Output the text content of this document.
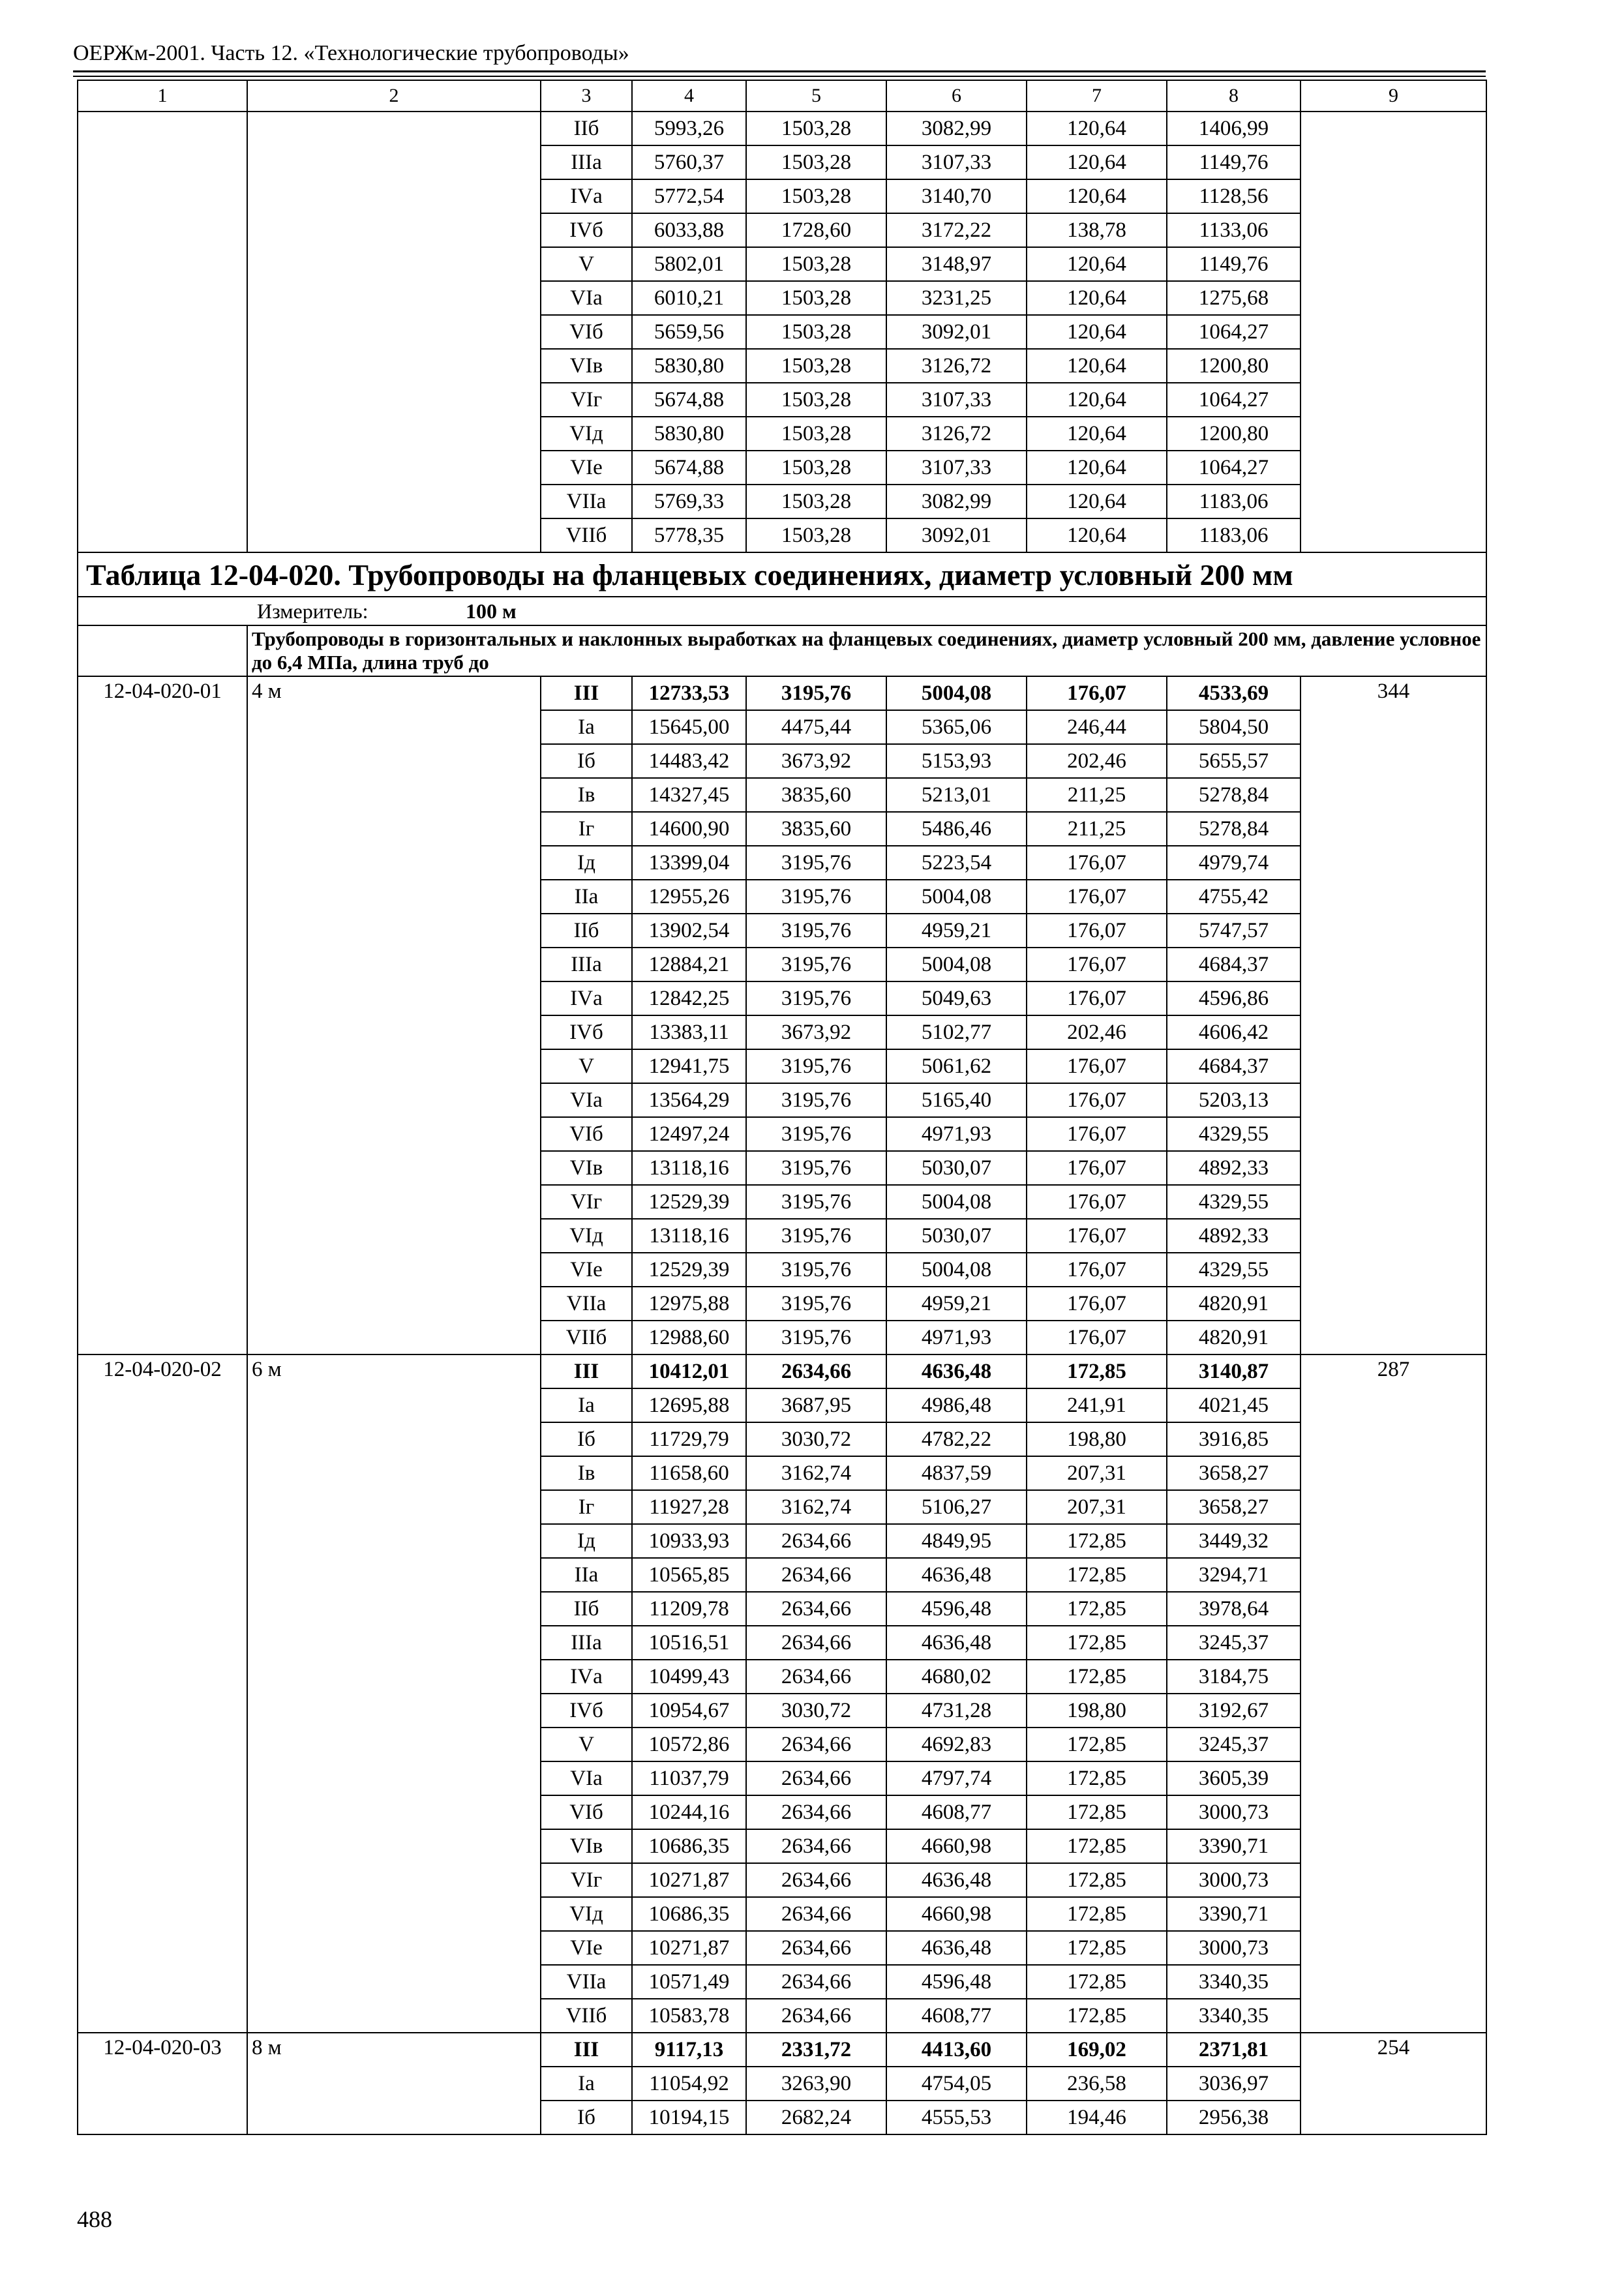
ОЕРЖм-2001. Часть 12. «Технологические трубопроводы»
1	2	3	4	5	6	7	8	9
		IIб	5993,26	1503,28	3082,99	120,64	1406,99	
		IIIа	5760,37	1503,28	3107,33	120,64	1149,76	
		IVа	5772,54	1503,28	3140,70	120,64	1128,56	
		IVб	6033,88	1728,60	3172,22	138,78	1133,06	
		V	5802,01	1503,28	3148,97	120,64	1149,76	
		VIа	6010,21	1503,28	3231,25	120,64	1275,68	
		VIб	5659,56	1503,28	3092,01	120,64	1064,27	
		VIв	5830,80	1503,28	3126,72	120,64	1200,80	
		VIг	5674,88	1503,28	3107,33	120,64	1064,27	
		VIд	5830,80	1503,28	3126,72	120,64	1200,80	
		VIе	5674,88	1503,28	3107,33	120,64	1064,27	
		VIIа	5769,33	1503,28	3082,99	120,64	1183,06	
		VIIб	5778,35	1503,28	3092,01	120,64	1183,06	
Таблица 12-04-020. Трубопроводы на фланцевых соединениях, диаметр условный 200 мм								
Измеритель: 100 м								
	Трубопроводы в горизонтальных и наклонных выработках на фланцевых соединениях, диаметр условный 200 мм, давление условное до 6,4 МПа, длина труб до							
12-04-020-01	4 м	III	12733,53	3195,76	5004,08	176,07	4533,69	344
		Iа	15645,00	4475,44	5365,06	246,44	5804,50	
		Iб	14483,42	3673,92	5153,93	202,46	5655,57	
		Iв	14327,45	3835,60	5213,01	211,25	5278,84	
		Iг	14600,90	3835,60	5486,46	211,25	5278,84	
		Iд	13399,04	3195,76	5223,54	176,07	4979,74	
		IIа	12955,26	3195,76	5004,08	176,07	4755,42	
		IIб	13902,54	3195,76	4959,21	176,07	5747,57	
		IIIа	12884,21	3195,76	5004,08	176,07	4684,37	
		IVа	12842,25	3195,76	5049,63	176,07	4596,86	
		IVб	13383,11	3673,92	5102,77	202,46	4606,42	
		V	12941,75	3195,76	5061,62	176,07	4684,37	
		VIа	13564,29	3195,76	5165,40	176,07	5203,13	
		VIб	12497,24	3195,76	4971,93	176,07	4329,55	
		VIв	13118,16	3195,76	5030,07	176,07	4892,33	
		VIг	12529,39	3195,76	5004,08	176,07	4329,55	
		VIд	13118,16	3195,76	5030,07	176,07	4892,33	
		VIе	12529,39	3195,76	5004,08	176,07	4329,55	
		VIIа	12975,88	3195,76	4959,21	176,07	4820,91	
		VIIб	12988,60	3195,76	4971,93	176,07	4820,91	
12-04-020-02	6 м	III	10412,01	2634,66	4636,48	172,85	3140,87	287
		Iа	12695,88	3687,95	4986,48	241,91	4021,45	
		Iб	11729,79	3030,72	4782,22	198,80	3916,85	
		Iв	11658,60	3162,74	4837,59	207,31	3658,27	
		Iг	11927,28	3162,74	5106,27	207,31	3658,27	
		Iд	10933,93	2634,66	4849,95	172,85	3449,32	
		IIа	10565,85	2634,66	4636,48	172,85	3294,71	
		IIб	11209,78	2634,66	4596,48	172,85	3978,64	
		IIIа	10516,51	2634,66	4636,48	172,85	3245,37	
		IVа	10499,43	2634,66	4680,02	172,85	3184,75	
		IVб	10954,67	3030,72	4731,28	198,80	3192,67	
		V	10572,86	2634,66	4692,83	172,85	3245,37	
		VIа	11037,79	2634,66	4797,74	172,85	3605,39	
		VIб	10244,16	2634,66	4608,77	172,85	3000,73	
		VIв	10686,35	2634,66	4660,98	172,85	3390,71	
		VIг	10271,87	2634,66	4636,48	172,85	3000,73	
		VIд	10686,35	2634,66	4660,98	172,85	3390,71	
		VIе	10271,87	2634,66	4636,48	172,85	3000,73	
		VIIа	10571,49	2634,66	4596,48	172,85	3340,35	
		VIIб	10583,78	2634,66	4608,77	172,85	3340,35	
12-04-020-03	8 м	III	9117,13	2331,72	4413,60	169,02	2371,81	254
		Iа	11054,92	3263,90	4754,05	236,58	3036,97	
		Iб	10194,15	2682,24	4555,53	194,46	2956,38	
488
